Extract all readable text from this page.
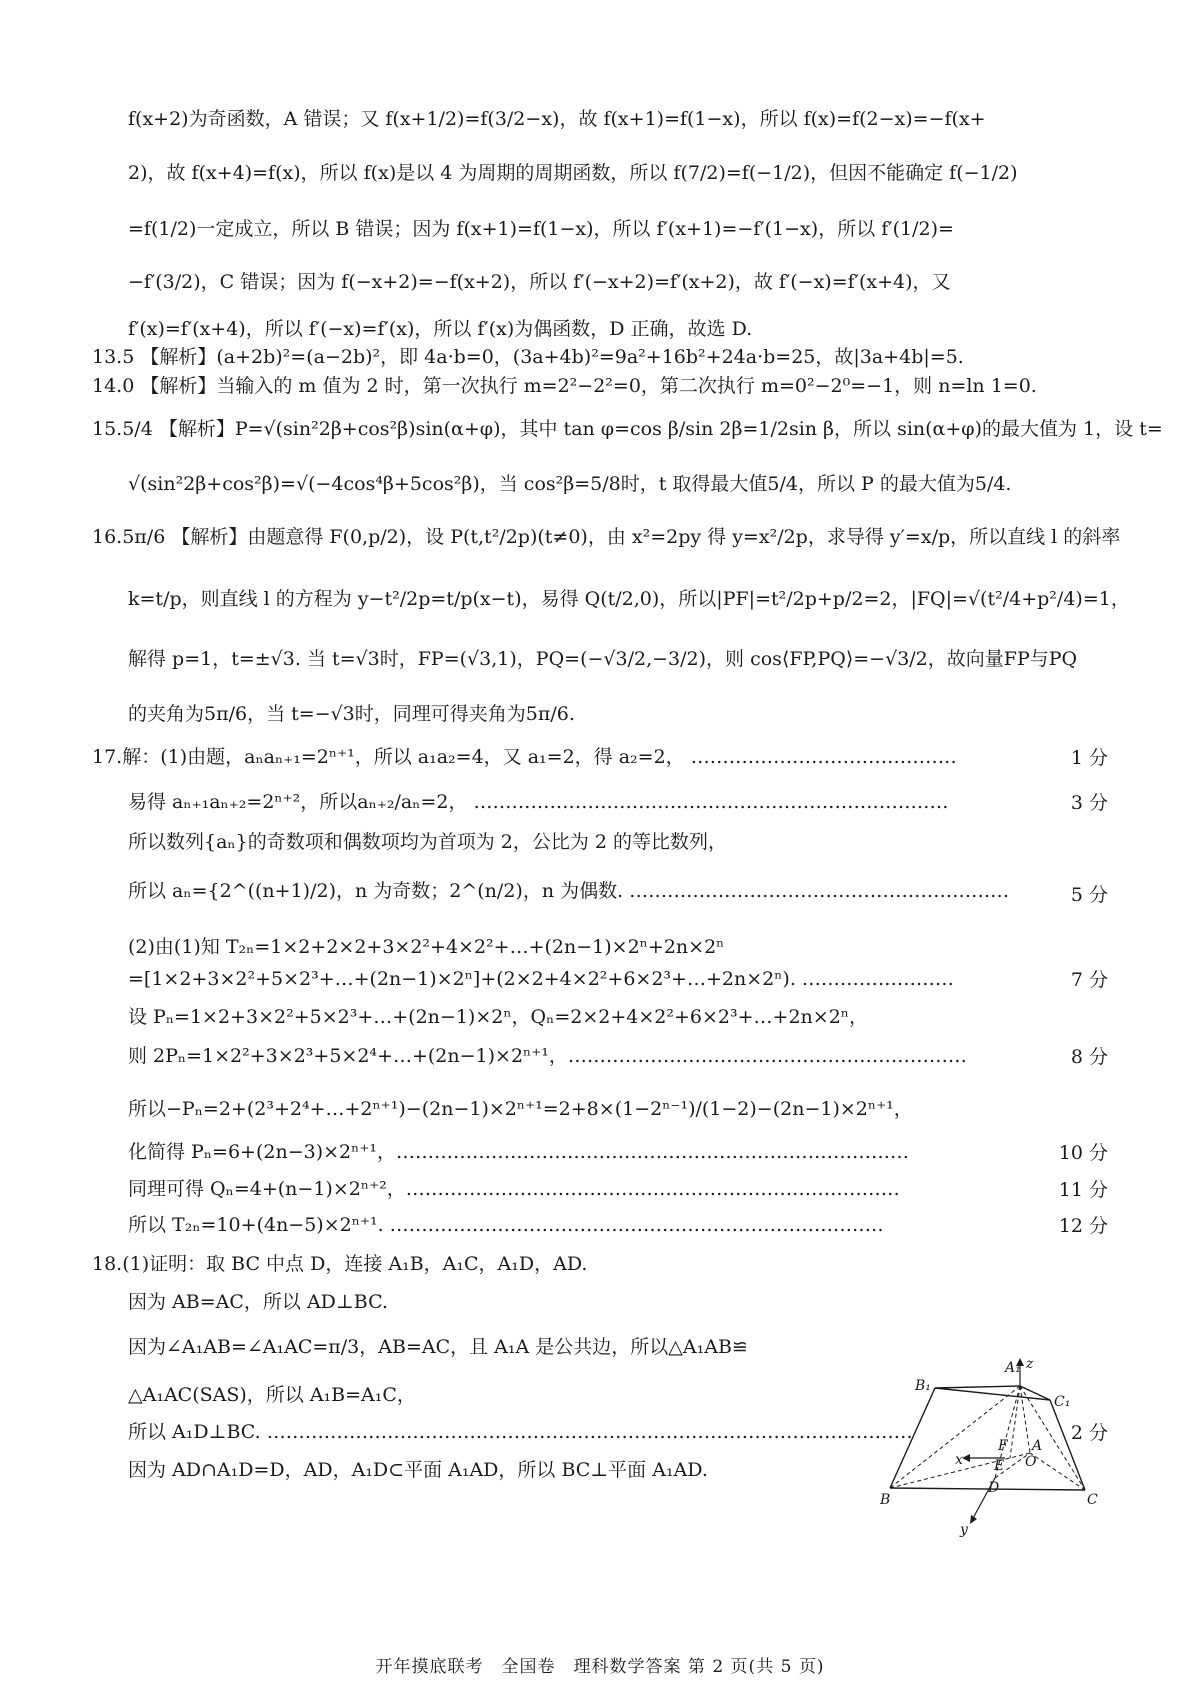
f(x+2)为奇函数，A 错误；又 f(x+1/2)=f(3/2−x)，故 f(x+1)=f(1−x)，所以 f(x)=f(2−x)=−f(x+
2)，故 f(x+4)=f(x)，所以 f(x)是以 4 为周期的周期函数，所以 f(7/2)=f(−1/2)，但因不能确定 f(−1/2)
=f(1/2)一定成立，所以 B 错误；因为 f(x+1)=f(1−x)，所以 f′(x+1)=−f′(1−x)，所以 f′(1/2)=
−f′(3/2)，C 错误；因为 f(−x+2)=−f(x+2)，所以 f′(−x+2)=f′(x+2)，故 f′(−x)=f′(x+4)，又
f′(x)=f′(x+4)，所以 f′(−x)=f′(x)，所以 f′(x)为偶函数，D 正确，故选 D.
13.5 【解析】(a+2b)²=(a−2b)²，即 4a·b=0，(3a+4b)²=9a²+16b²+24a·b=25，故|3a+4b|=5.
14.0 【解析】当输入的 m 值为 2 时，第一次执行 m=2²−2²=0，第二次执行 m=0²−2⁰=−1，则 n=ln 1=0.
15.5/4 【解析】P=√(sin²2β+cos²β)sin(α+φ)，其中 tan φ=cos β/sin 2β=1/2sin β，所以 sin(α+φ)的最大值为 1，设 t=
√(sin²2β+cos²β)=√(−4cos⁴β+5cos²β)，当 cos²β=5/8时，t 取得最大值5/4，所以 P 的最大值为5/4.
16.5π/6 【解析】由题意得 F(0,p/2)，设 P(t,t²/2p)(t≠0)，由 x²=2py 得 y=x²/2p，求导得 y′=x/p，所以直线 l 的斜率
k=t/p，则直线 l 的方程为 y−t²/2p=t/p(x−t)，易得 Q(t/2,0)，所以|PF|=t²/2p+p/2=2，|FQ|=√(t²/4+p²/4)=1，
解得 p=1，t=±√3. 当 t=√3时，FP=(√3,1)，PQ=(−√3/2,−3/2)，则 cos⟨FP,PQ⟩=−√3/2，故向量FP与PQ
的夹角为5π/6，当 t=−√3时，同理可得夹角为5π/6.
17.解：(1)由题，aₙaₙ₊₁=2ⁿ⁺¹，所以 a₁a₂=4，又 a₁=2，得 a₂=2， ……………………………………	1 分
易得 aₙ₊₁aₙ₊₂=2ⁿ⁺²，所以aₙ₊₂/aₙ=2， …………………………………………………………………	3 分
所以数列{aₙ}的奇数项和偶数项均为首项为 2，公比为 2 的等比数列，
所以 aₙ={2^((n+1)/2)，n 为奇数；2^(n/2)，n 为偶数. ……………………………………………………	5 分
(2)由(1)知 T₂ₙ=1×2+2×2+3×2²+4×2²+…+(2n−1)×2ⁿ+2n×2ⁿ
=[1×2+3×2²+5×2³+…+(2n−1)×2ⁿ]+(2×2+4×2²+6×2³+…+2n×2ⁿ). ……………………	7 分
设 Pₙ=1×2+3×2²+5×2³+…+(2n−1)×2ⁿ，Qₙ=2×2+4×2²+6×2³+…+2n×2ⁿ，
则 2Pₙ=1×2²+3×2³+5×2⁴+…+(2n−1)×2ⁿ⁺¹，………………………………………………………	8 分
所以−Pₙ=2+(2³+2⁴+…+2ⁿ⁺¹)−(2n−1)×2ⁿ⁺¹=2+8×(1−2ⁿ⁻¹)/(1−2)−(2n−1)×2ⁿ⁺¹，
化简得 Pₙ=6+(2n−3)×2ⁿ⁺¹，………………………………………………………………………	10 分
同理可得 Qₙ=4+(n−1)×2ⁿ⁺²，……………………………………………………………………	11 分
所以 T₂ₙ=10+(4n−5)×2ⁿ⁺¹. ……………………………………………………………………	12 分
18.(1)证明：取 BC 中点 D，连接 A₁B，A₁C，A₁D，AD.
因为 AB=AC，所以 AD⊥BC.
因为∠A₁AB=∠A₁AC=π/3，AB=AC，且 A₁A 是公共边，所以△A₁AB≌
△A₁AC(SAS)，所以 A₁B=A₁C，
所以 A₁D⊥BC. …………………………………………………………………………………………	2 分
因为 AD∩A₁D=D，AD，A₁D⊂平面 A₁AD，所以 BC⊥平面 A₁AD.
A₁ z
B₁
C₁
F
x E
A
O
D
B	C
y
开年摸底联考　全国卷　理科数学答案 第 2 页(共 5 页)
